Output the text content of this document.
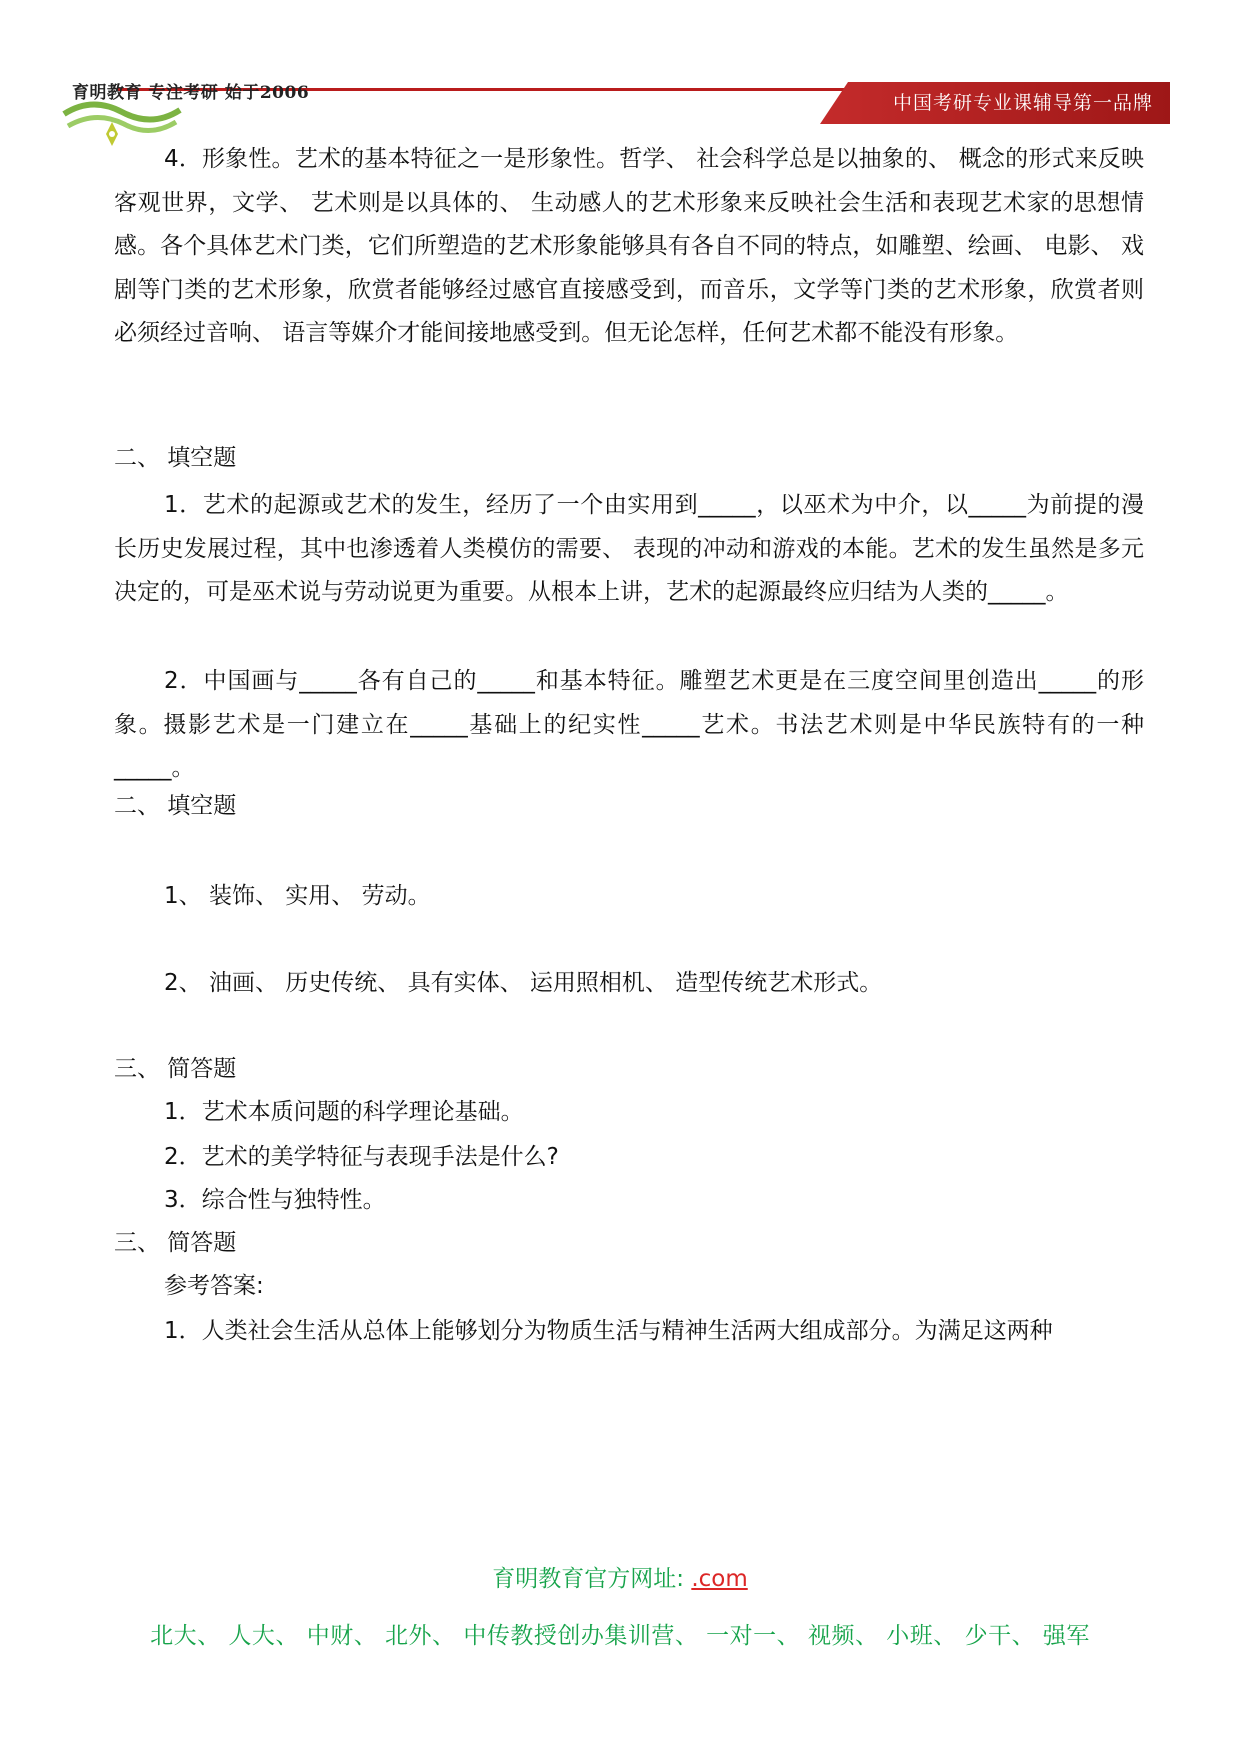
中国考研专业课辅导第一品牌
育明教育 专注考研 始于2006

4．形象性。艺术的基本特征之一是形象性。哲学、 社会科学总是以抽象的、 概念的形式来反映客观世界，文学、 艺术则是以具体的、 生动感人的艺术形象来反映社会生活和表现艺术家的思想情感。各个具体艺术门类，它们所塑造的艺术形象能够具有各自不同的特点，如雕塑、绘画、 电影、 戏剧等门类的艺术形象，欣赏者能够经过感官直接感受到，而音乐，文学等门类的艺术形象，欣赏者则必须经过音响、 语言等媒介才能间接地感受到。但无论怎样，任何艺术都不能没有形象。

二、 填空题

1．艺术的起源或艺术的发生，经历了一个由实用到_____，以巫术为中介，以_____为前提的漫长历史发展过程，其中也渗透着人类模仿的需要、 表现的冲动和游戏的本能。艺术的发生虽然是多元决定的，可是巫术说与劳动说更为重要。从根本上讲，艺术的起源最终应归结为人类的_____。

2．中国画与_____各有自己的_____和基本特征。雕塑艺术更是在三度空间里创造出_____的形象。摄影艺术是一门建立在_____基础上的纪实性_____艺术。书法艺术则是中华民族特有的一种_____。

二、 填空题

1、 装饰、 实用、 劳动。

2、 油画、 历史传统、 具有实体、 运用照相机、 造型传统艺术形式。

三、 简答题

1．艺术本质问题的科学理论基础。

2．艺术的美学特征与表现手法是什么?

3．综合性与独特性。

三、 简答题

参考答案:

1．人类社会生活从总体上能够划分为物质生活与精神生活两大组成部分。为满足这两种

育明教育官方网址: .com
北大、 人大、 中财、 北外、 中传教授创办集训营、 一对一、 视频、 小班、 少干、 强军
